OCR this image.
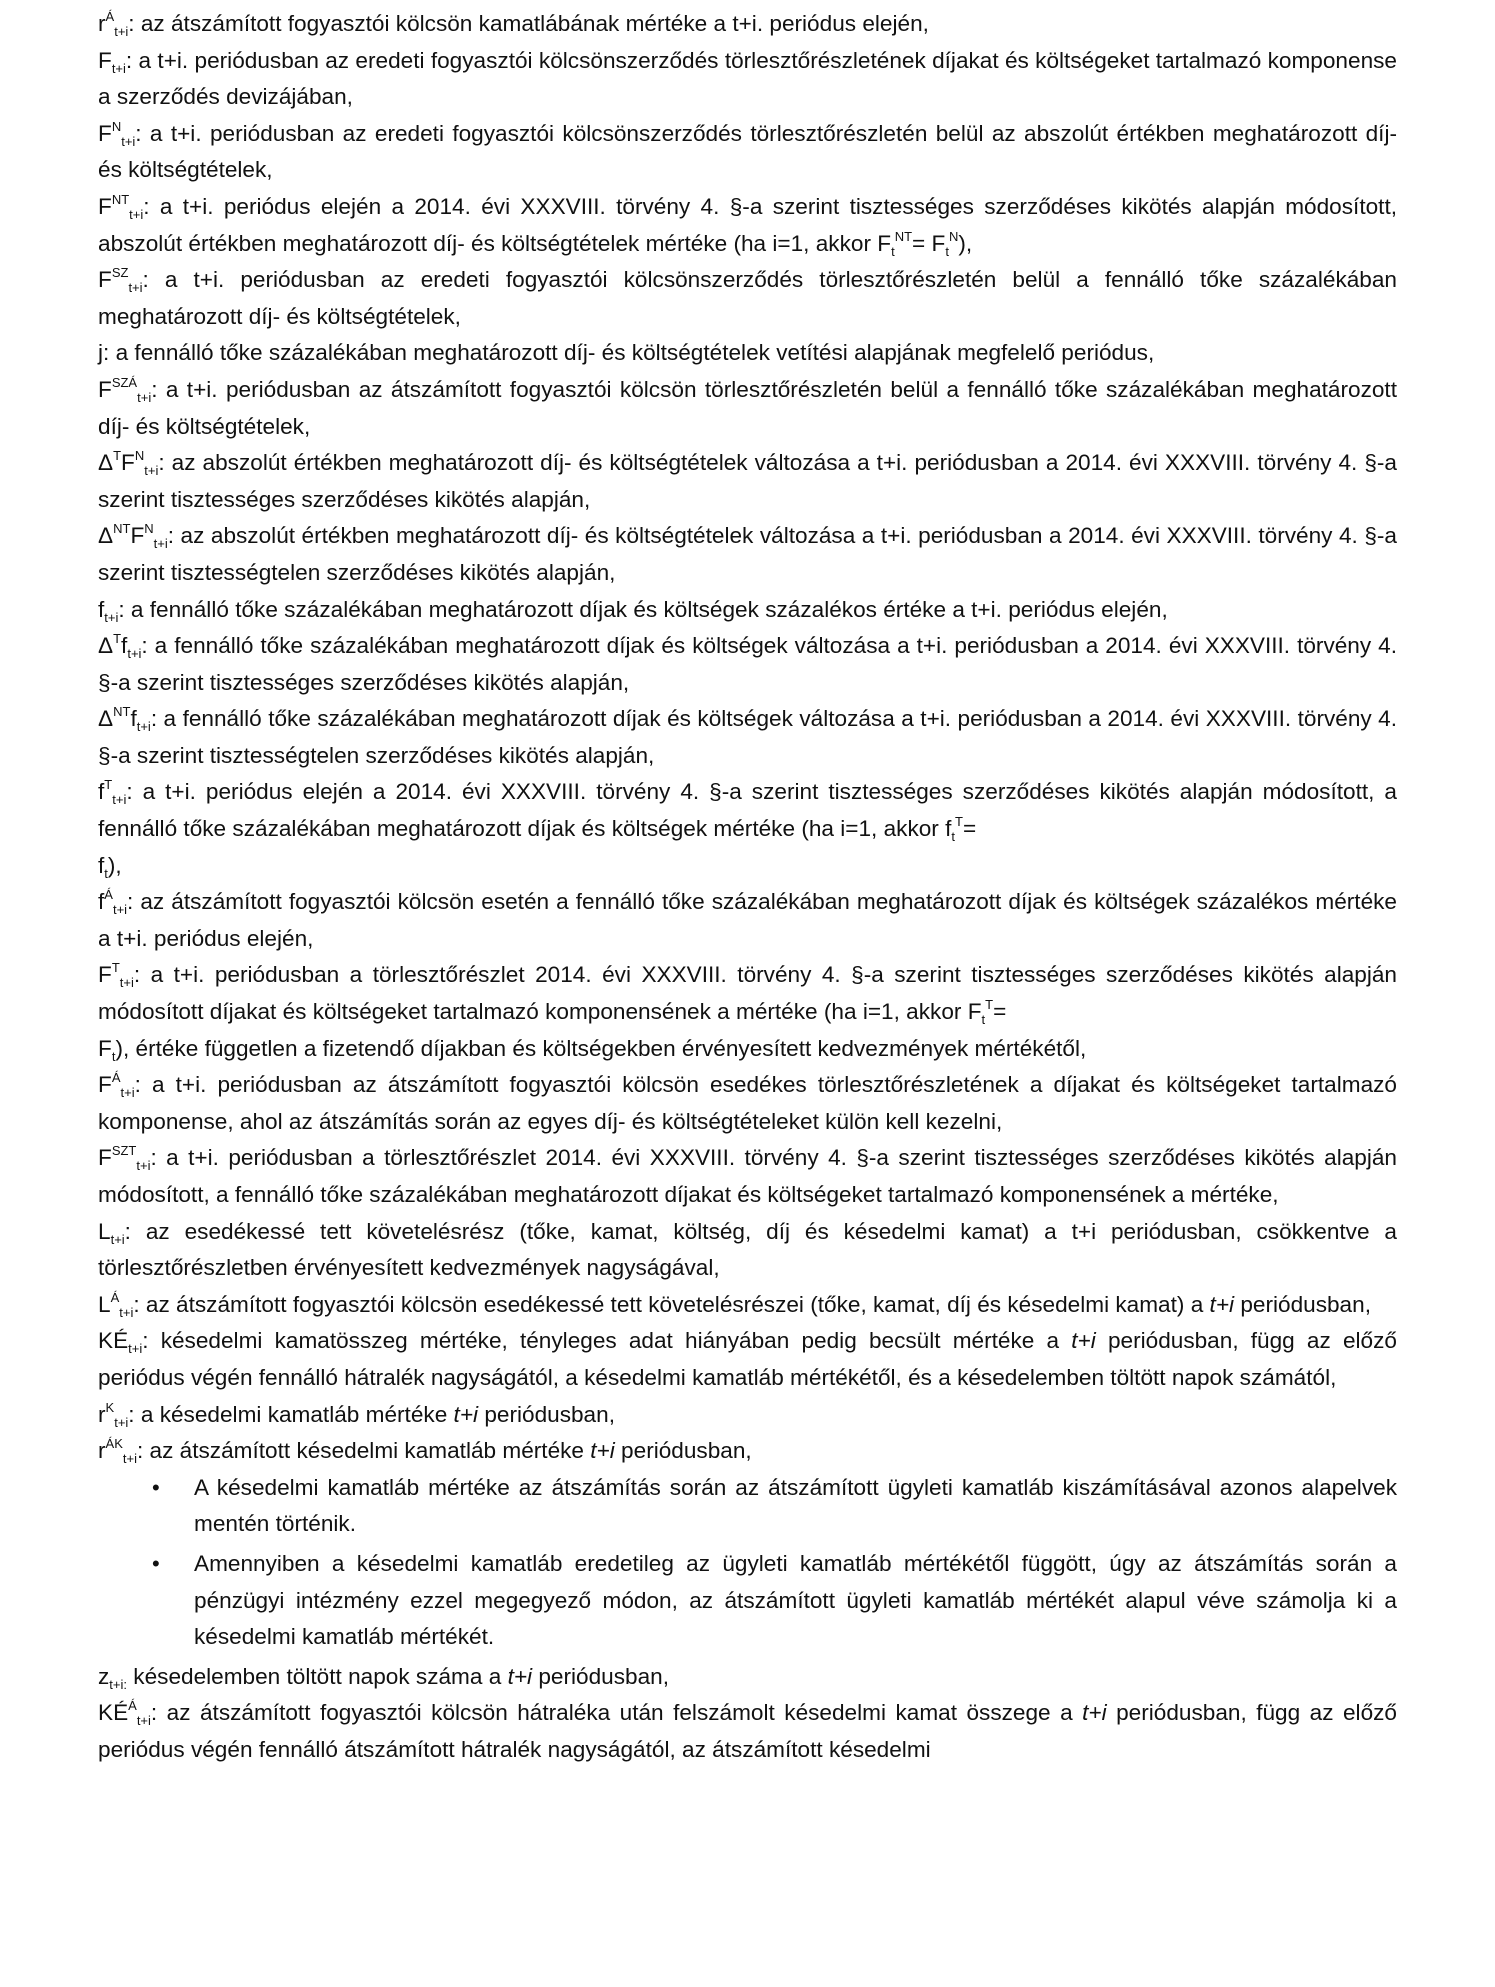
$r^Á_{t+i}$: az átszámított fogyasztói kölcsön kamatlábának mértéke a t+i. periódus elején,

$F_{t+i}$: a t+i. periódusban az eredeti fogyasztói kölcsönszerződés törlesztőrészletének díjakat és költségeket tartalmazó komponense a szerződés devizájában,

$F^N_{t+i}$: a t+i. periódusban az eredeti fogyasztói kölcsönszerződés törlesztőrészletén belül az abszolút értékben meghatározott díj- és költségtételek,

$F^{NT}_{t+i}$: a t+i. periódus elején a 2014. évi XXXVIII. törvény 4. §-a szerint tisztességes szerződéses kikötés alapján módosított, abszolút értékben meghatározott díj- és költségtételek mértéke (ha i=1, akkor $F_t^{NT}= F_t^N$),

$F^{SZ}_{t+i}$: a t+i. periódusban az eredeti fogyasztói kölcsönszerződés törlesztőrészletén belül a fennálló tőke százalékában meghatározott díj- és költségtételek,

j: a fennálló tőke százalékában meghatározott díj- és költségtételek vetítési alapjának megfelelő periódus,

$F^{SZÁ}_{t+i}$: a t+i. periódusban az átszámított fogyasztói kölcsön törlesztőrészletén belül a fennálló tőke százalékában meghatározott díj- és költségtételek,

$\Delta^TF^N_{t+i}$: az abszolút értékben meghatározott díj- és költségtételek változása a t+i. periódusban a 2014. évi XXXVIII. törvény 4. §-a szerint tisztességes szerződéses kikötés alapján,

$\Delta^{NT}F^N_{t+i}$: az abszolút értékben meghatározott díj- és költségtételek változása a t+i. periódusban a 2014. évi XXXVIII. törvény 4. §-a szerint tisztességtelen szerződéses kikötés alapján,

$f_{t+i}$: a fennálló tőke százalékában meghatározott díjak és költségek százalékos értéke a t+i. periódus elején,

$\Delta^Tf_{t+i}$: a fennálló tőke százalékában meghatározott díjak és költségek változása a t+i. periódusban a 2014. évi XXXVIII. törvény 4. §-a szerint tisztességes szerződéses kikötés alapján,

$\Delta^{NT}f_{t+i}$: a fennálló tőke százalékában meghatározott díjak és költségek változása a t+i. periódusban a 2014. évi XXXVIII. törvény 4. §-a szerint tisztességtelen szerződéses kikötés alapján,

$f^T_{t+i}$: a t+i. periódus elején a 2014. évi XXXVIII. törvény 4. §-a szerint tisztességes szerződéses kikötés alapján módosított, a fennálló tőke százalékában meghatározott díjak és költségek mértéke (ha i=1, akkor $f_t^T=$
$f_t$),

$f^Á_{t+i}$: az átszámított fogyasztói kölcsön esetén a fennálló tőke százalékában meghatározott díjak és költségek százalékos mértéke a t+i. periódus elején,

$F^T_{t+i}$: a t+i. periódusban a törlesztőrészlet 2014. évi XXXVIII. törvény 4. §-a szerint tisztességes szerződéses kikötés alapján módosított díjakat és költségeket tartalmazó komponensének a mértéke (ha i=1, akkor $F_t^T=$
$F_t$), értéke független a fizetendő díjakban és költségekben érvényesített kedvezmények mértékétől,

$F^Á_{t+i}$: a t+i. periódusban az átszámított fogyasztói kölcsön esedékes törlesztőrészletének a díjakat és költségeket tartalmazó komponense, ahol az átszámítás során az egyes díj- és költségtételeket külön kell kezelni,

$F^{SZT}_{t+i}$: a t+i. periódusban a törlesztőrészlet 2014. évi XXXVIII. törvény 4. §-a szerint tisztességes szerződéses kikötés alapján módosított, a fennálló tőke százalékában meghatározott díjakat és költségeket tartalmazó komponensének a mértéke,

$L_{t+i}$: az esedékessé tett követelésrész (tőke, kamat, költség, díj és késedelmi kamat) a t+i periódusban, csökkentve a törlesztőrészletben érvényesített kedvezmények nagyságával,

$L^Á_{t+i}$: az átszámított fogyasztói kölcsön esedékessé tett követelésrészei (tőke, kamat, díj és késedelmi kamat) a t+i periódusban,

$KÉ_{t+i}$: késedelmi kamatösszeg mértéke, tényleges adat hiányában pedig becsült mértéke a t+i periódusban, függ az előző periódus végén fennálló hátralék nagyságától, a késedelmi kamatláb mértékétől, és a késedelemben töltött napok számától,

$r^K_{t+i}$: a késedelmi kamatláb mértéke t+i periódusban,

$r^{ÁK}_{t+i}$: az átszámított késedelmi kamatláb mértéke t+i periódusban,

• A késedelmi kamatláb mértéke az átszámítás során az átszámított ügyleti kamatláb kiszámításával azonos alapelvek mentén történik.
• Amennyiben a késedelmi kamatláb eredetileg az ügyleti kamatláb mértékétől függött, úgy az átszámítás során a pénzügyi intézmény ezzel megegyező módon, az átszámított ügyleti kamatláb mértékét alapul véve számolja ki a késedelmi kamatláb mértékét.

$z_{t+i:}$ késedelemben töltött napok száma a t+i periódusban,

$KÉ^Á_{t+i}$: az átszámított fogyasztói kölcsön hátraléka után felszámolt késedelmi kamat összege a t+i periódusban, függ az előző periódus végén fennálló átszámított hátralék nagyságától, az átszámított késedelmi
